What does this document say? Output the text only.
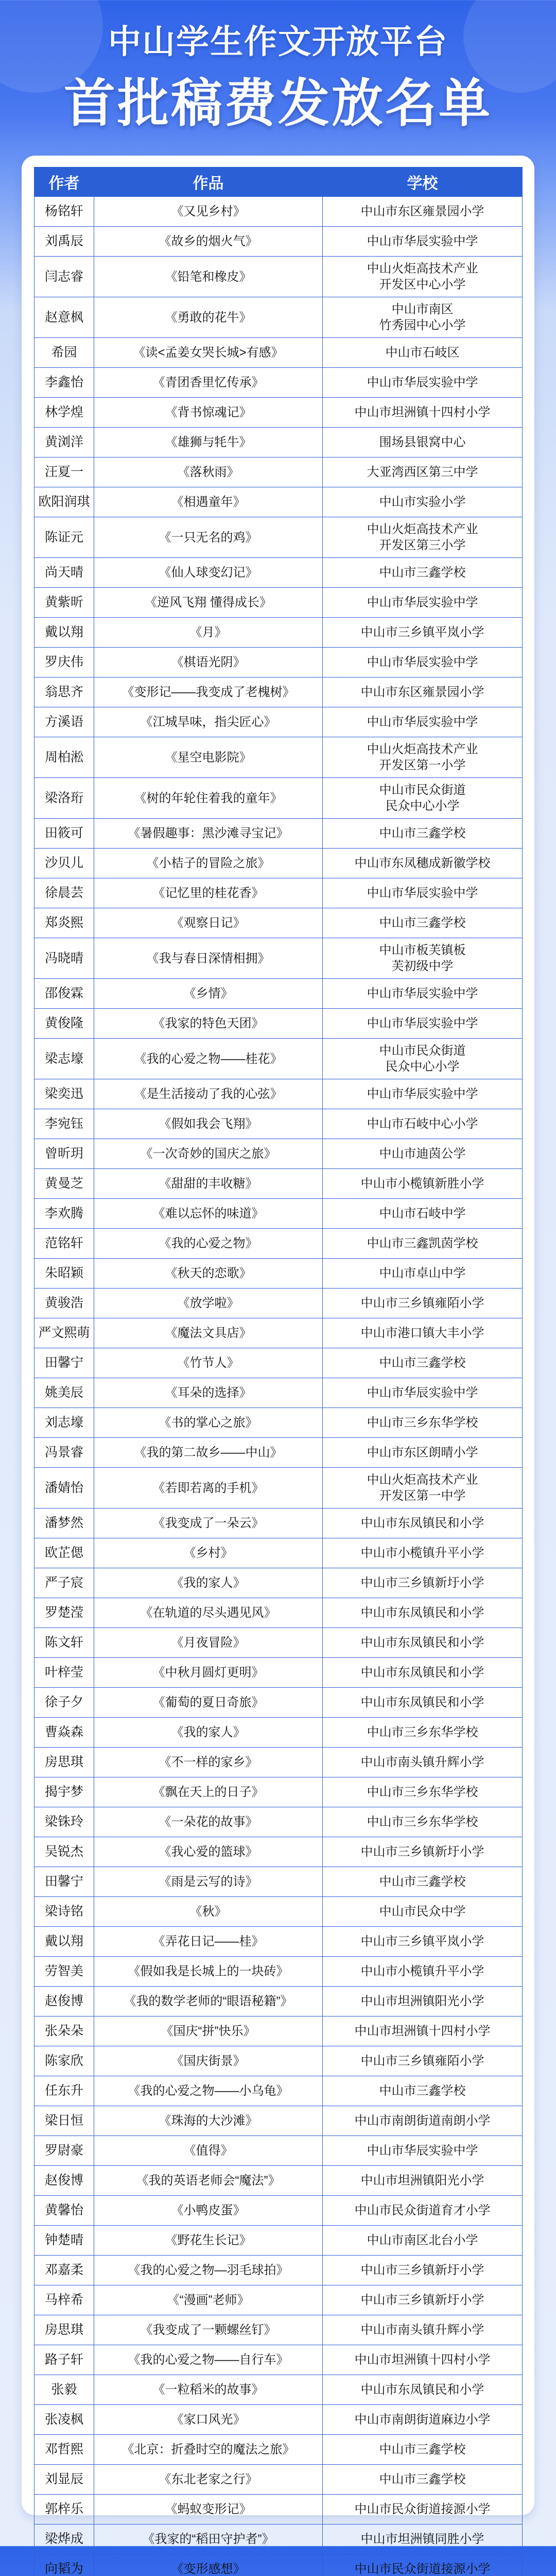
中山学生作文开放平台
首批稿费发放名单
作者	作品	学校
杨铭轩	《又见乡村》	中山市东区雍景园小学
刘禹辰	《故乡的烟火气》	中山市华辰实验中学
闫志睿	《铅笔和橡皮》	中山火炬高技术产业
开发区中心小学
赵意枫	《勇敢的花牛》	中山市南区
竹秀园中心小学
希园	《读<孟姜女哭长城>有感》	中山市石岐区
李鑫怡	《青团香里忆传承》	中山市华辰实验中学
林学煌	《背书惊魂记》	中山市坦洲镇十四村小学
黄浏洋	《雄狮与牦牛》	围场县银窝中心
汪夏一	《落秋雨》	大亚湾西区第三中学
欧阳润琪	《相遇童年》	中山市实验小学
陈证元	《一只无名的鸡》	中山火炬高技术产业
开发区第三小学
尚天晴	《仙人球变幻记》	中山市三鑫学校
黄紫昕	《逆风飞翔 懂得成长》	中山市华辰实验中学
戴以翔	《月》	中山市三乡镇平岚小学
罗庆伟	《棋语光阴》	中山市华辰实验中学
翁思齐	《变形记——我变成了老槐树》	中山市东区雍景园小学
方溪语	《江城旱味，指尖匠心》	中山市华辰实验中学
周柏淞	《星空电影院》	中山火炬高技术产业
开发区第一小学
梁洛珩	《树的年轮住着我的童年》	中山市民众街道
民众中心小学
田筱可	《暑假趣事：黑沙滩寻宝记》	中山市三鑫学校
沙贝儿	《小桔子的冒险之旅》	中山市东凤穗成新徽学校
徐晨芸	《记忆里的桂花香》	中山市华辰实验中学
郑炎熙	《观察日记》	中山市三鑫学校
冯晓晴	《我与春日深情相拥》	中山市板芙镇板
芙初级中学
邵俊霖	《乡情》	中山市华辰实验中学
黄俊隆	《我家的特色天团》	中山市华辰实验中学
梁志壕	《我的心爱之物——桂花》	中山市民众街道
民众中心小学
梁奕迅	《是生活接动了我的心弦》	中山市华辰实验中学
李宛钰	《假如我会飞翔》	中山市石岐中心小学
曾昕玥	《一次奇妙的国庆之旅》	中山市迪茵公学
黄曼芝	《甜甜的丰收糖》	中山市小榄镇新胜小学
李欢腾	《难以忘怀的味道》	中山市石岐中学
范铭轩	《我的心爱之物》	中山市三鑫凯茵学校
朱昭颖	《秋天的恋歌》	中山市卓山中学
黄骏浩	《放学啦》	中山市三乡镇雍陌小学
严文熙萌	《魔法文具店》	中山市港口镇大丰小学
田馨宁	《竹节人》	中山市三鑫学校
姚美辰	《耳朵的选择》	中山市华辰实验中学
刘志壕	《书的掌心之旅》	中山市三乡东华学校
冯景睿	《我的第二故乡——中山》	中山市东区朗晴小学
潘婧怡	《若即若离的手机》	中山火炬高技术产业
开发区第一中学
潘梦然	《我变成了一朵云》	中山市东凤镇民和小学
欧芷偲	《乡村》	中山市小榄镇升平小学
严子宸	《我的家人》	中山市三乡镇新圩小学
罗楚滢	《在轨道的尽头遇见风》	中山市东凤镇民和小学
陈文轩	《月夜冒险》	中山市东凤镇民和小学
叶梓莹	《中秋月圆灯更明》	中山市东凤镇民和小学
徐子夕	《葡萄的夏日奇旅》	中山市东凤镇民和小学
曹焱森	《我的家人》	中山市三乡东华学校
房思琪	《不一样的家乡》	中山市南头镇升辉小学
揭宇梦	《飘在天上的日子》	中山市三乡东华学校
梁铢玲	《一朵花的故事》	中山市三乡东华学校
吴锐杰	《我心爱的篮球》	中山市三乡镇新圩小学
田馨宁	《雨是云写的诗》	中山市三鑫学校
梁诗铭	《秋》	中山市民众中学
戴以翔	《弄花日记——桂》	中山市三乡镇平岚小学
劳智美	《假如我是长城上的一块砖》	中山市小榄镇升平小学
赵俊博	《我的数学老师的“眼语秘籍”》	中山市坦洲镇阳光小学
张朵朵	《国庆“拼”快乐》	中山市坦洲镇十四村小学
陈家欣	《国庆街景》	中山市三乡镇雍陌小学
任东升	《我的心爱之物——小乌龟》	中山市三鑫学校
梁日恒	《珠海的大沙滩》	中山市南朗街道南朗小学
罗尉豪	《值得》	中山市华辰实验中学
赵俊博	《我的英语老师会“魔法”》	中山市坦洲镇阳光小学
黄馨怡	《小鸭皮蛋》	中山市民众街道育才小学
钟楚晴	《野花生长记》	中山市南区北台小学
邓嘉柔	《我的心爱之物—羽毛球拍》	中山市三乡镇新圩小学
马梓希	《“漫画”老师》	中山市三乡镇新圩小学
房思琪	《我变成了一颗螺丝钉》	中山市南头镇升辉小学
路子轩	《我的心爱之物——自行车》	中山市坦洲镇十四村小学
张毅	《一粒稻米的故事》	中山市东凤镇民和小学
张凌枫	《家口风光》	中山市南朗街道麻边小学
邓哲熙	《北京：折叠时空的魔法之旅》	中山市三鑫学校
刘显辰	《东北老家之行》	中山市三鑫学校
郭梓乐	《蚂蚁变形记》	中山市民众街道接源小学
梁烨成	《我家的“稻田守护者”》	中山市坦洲镇同胜小学
向韬为	《变形感想》	中山市民众街道接源小学
